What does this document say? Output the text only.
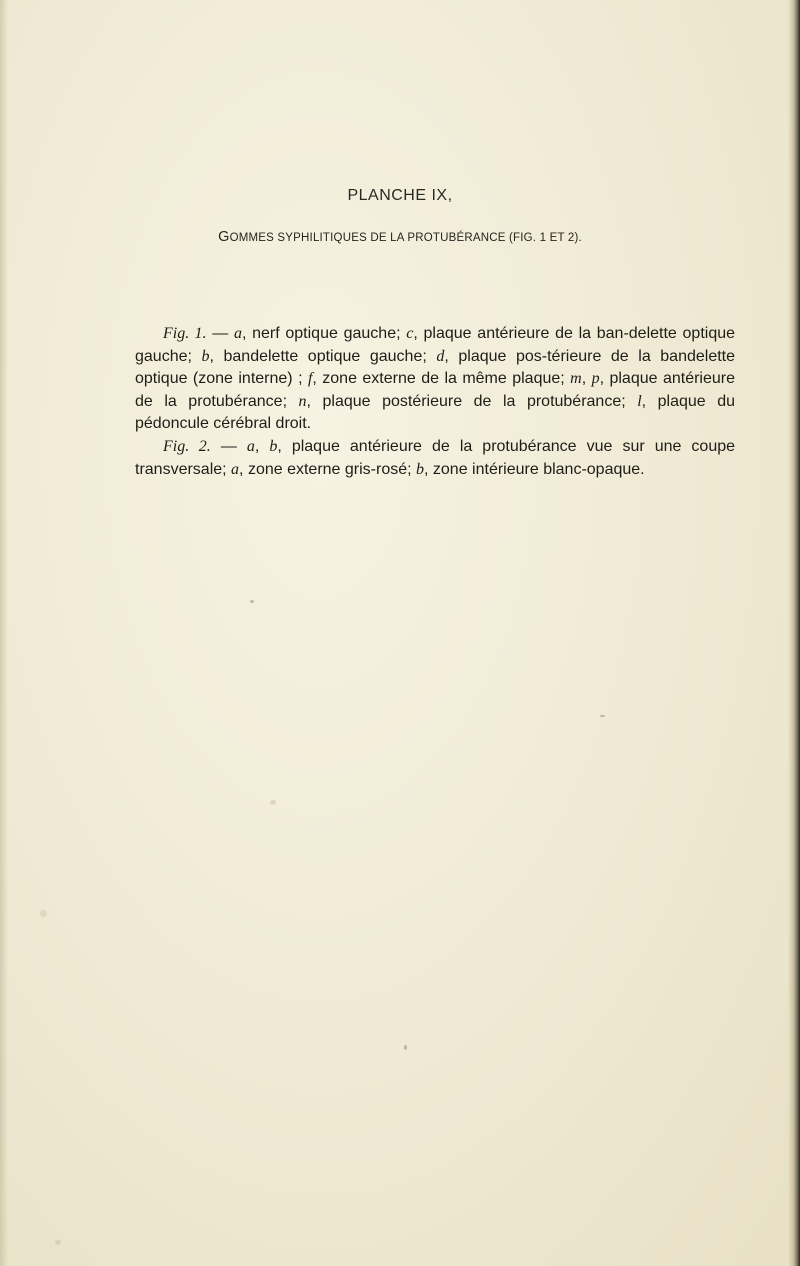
PLANCHE IX,
GOMMES SYPHILITIQUES DE LA PROTUBÉRANCE (FIG. 1 ET 2).

Fig. 1. — a, nerf optique gauche; c, plaque antérieure de la ban-delette optique gauche; b, bandelette optique gauche; d, plaque pos-térieure de la bandelette optique (zone interne) ; f, zone externe de la même plaque; m, p, plaque antérieure de la protubérance; n, plaque postérieure de la protubérance; l, plaque du pédoncule cérébral droit.

Fig. 2. — a, b, plaque antérieure de la protubérance vue sur une coupe transversale; a, zone externe gris-rosé; b, zone intérieure blanc-opaque.
